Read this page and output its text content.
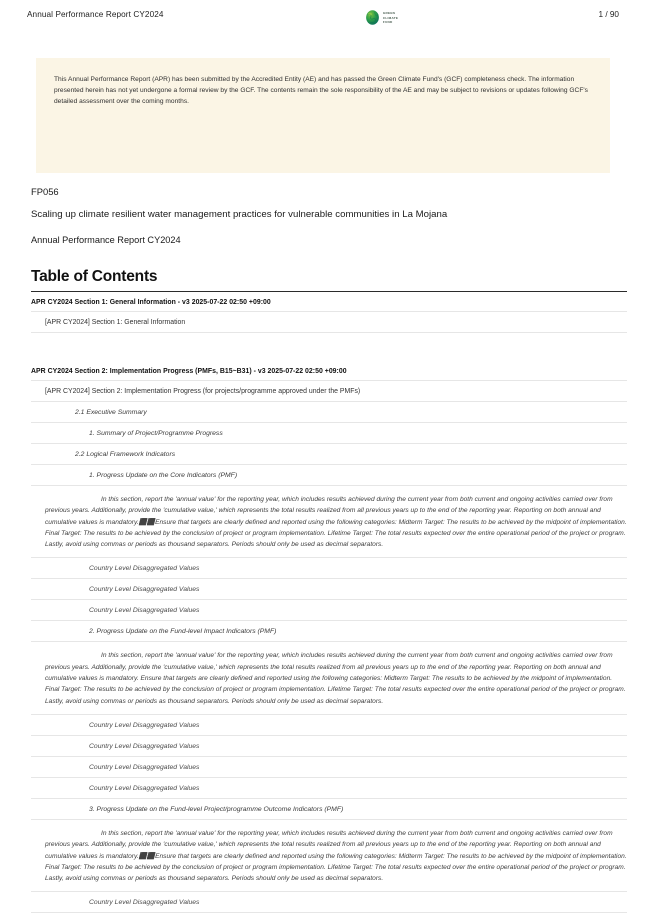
Annual Performance Report CY2024	GREEN
CLIMATE
FUND
1 / 90
This Annual Performance Report (APR) has been submitted by the Accredited Entity (AE) and has passed the Green Climate Fund's (GCF) completeness check. The information presented herein has not yet undergone a formal review by the GCF. The contents remain the sole responsibility of the AE and may be subject to revisions or updates following GCF's detailed assessment over the coming months.
FP056
Scaling up climate resilient water management practices for vulnerable communities in La Mojana
Annual Performance Report CY2024
Table of Contents
APR CY2024 Section 1: General Information - v3 2025-07-22 02:50 +09:00
[APR CY2024] Section 1: General Information
APR CY2024 Section 2: Implementation Progress (PMFs, B15~B31) - v3 2025-07-22 02:50 +09:00
[APR CY2024] Section 2: Implementation Progress (for projects/programme approved under the PMFs)
2.1 Executive Summary
1. Summary of Project/Programme Progress
2.2 Logical Framework Indicators
1. Progress Update on the Core Indicators (PMF)
In this section, report the 'annual value' for the reporting year, which includes results achieved during the current year from both current and ongoing activities carried over from previous years. Additionally, provide the 'cumulative value,' which represents the total results realized from all previous years up to the end of the reporting year. Reporting on both annual and cumulative values is mandatory.⬛⬛Ensure that targets are clearly defined and reported using the following categories: Midterm Target: The results to be achieved by the midpoint of implementation. Final Target: The results to be achieved by the conclusion of project or program implementation. Lifetime Target: The total results expected over the entire operational period of the project or program. Lastly, avoid using commas or periods as thousand separators. Periods should only be used as decimal separators.
Country Level Disaggregated Values
Country Level Disaggregated Values
Country Level Disaggregated Values
2. Progress Update on the Fund-level Impact Indicators (PMF)
In this section, report the 'annual value' for the reporting year, which includes results achieved during the current year from both current and ongoing activities carried over from previous years. Additionally, provide the 'cumulative value,' which represents the total results realized from all previous years up to the end of the reporting year. Reporting on both annual and cumulative values is mandatory. Ensure that targets are clearly defined and reported using the following categories: Midterm Target: The results to be achieved by the midpoint of implementation. Final Target: The results to be achieved by the conclusion of project or program implementation. Lifetime Target: The total results expected over the entire operational period of the project or program. Lastly, avoid using commas or periods as thousand separators. Periods should only be used as decimal separators.
Country Level Disaggregated Values
Country Level Disaggregated Values
Country Level Disaggregated Values
Country Level Disaggregated Values
3. Progress Update on the Fund-level Project/programme Outcome Indicators (PMF)
In this section, report the 'annual value' for the reporting year, which includes results achieved during the current year from both current and ongoing activities carried over from previous years. Additionally, provide the 'cumulative value,' which represents the total results realized from all previous years up to the end of the reporting year. Reporting on both annual and cumulative values is mandatory.⬛⬛Ensure that targets are clearly defined and reported using the following categories: Midterm Target: The results to be achieved by the midpoint of implementation. Final Target: The results to be achieved by the conclusion of project or program implementation. Lifetime Target: The total results expected over the entire operational period of the project or program. Lastly, avoid using commas or periods as thousand separators. Periods should only be used as decimal separators.
Country Level Disaggregated Values
